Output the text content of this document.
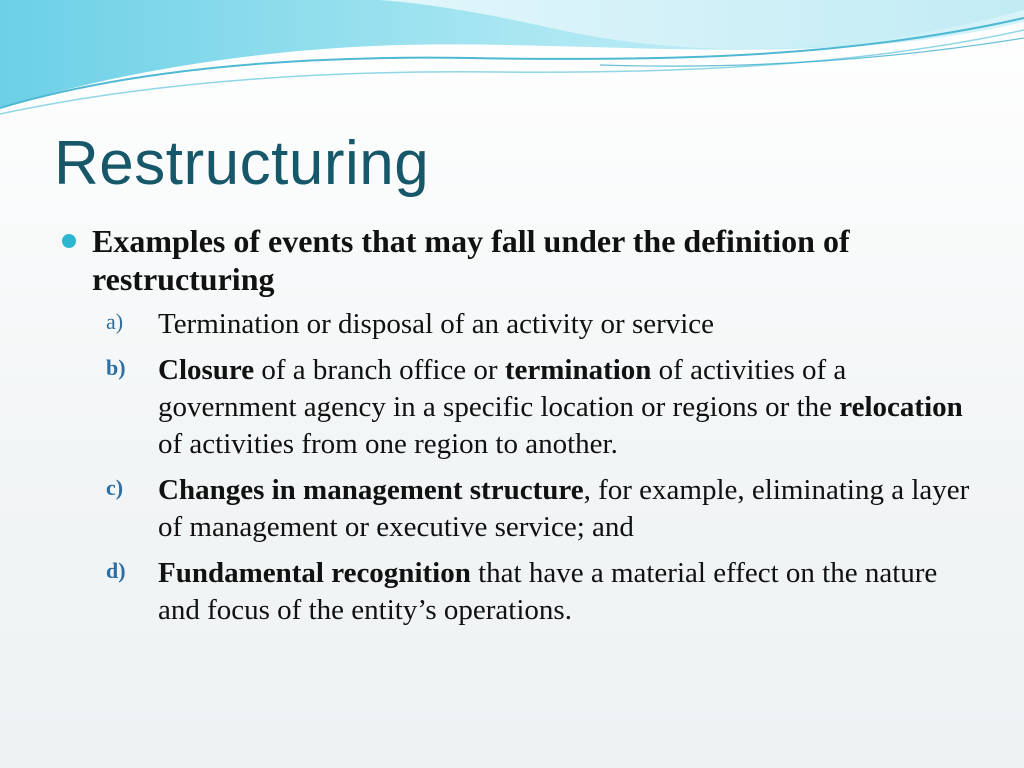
Restructuring
Examples of events that may fall under the definition of restructuring
a) Termination or disposal of an activity or service
b) Closure of a branch office or termination of activities of a government agency in a specific location or regions or the relocation of activities from one region to another.
c) Changes in management structure, for example, eliminating a layer of management or executive service; and
d) Fundamental recognition that have a material effect on the nature and focus of the entity’s operations.
